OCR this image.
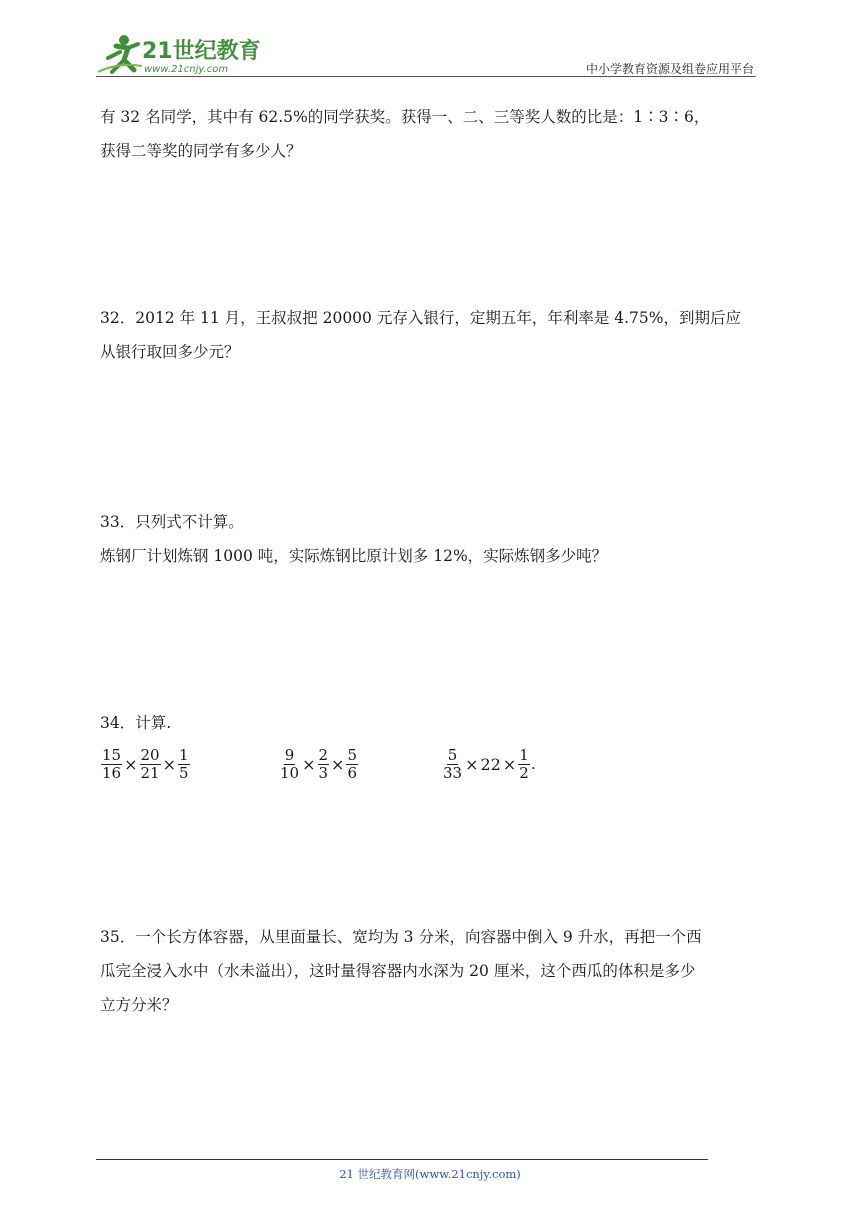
21世纪教育
www.21cnjy.com	中小学教育资源及组卷应用平台

有 32 名同学，其中有 62.5%的同学获奖。获得一、二、三等奖人数的比是：1∶3∶6，

获得二等奖的同学有多少人？

32．2012 年 11 月，王叔叔把 20000 元存入银行，定期五年，年利率是 4.75%，到期后应

从银行取回多少元？

33．只列式不计算。

炼钢厂计划炼钢 1000 吨，实际炼钢比原计划多 12%，实际炼钢多少吨？

34．计算.

$\frac{15}{16} \times \frac{20}{21} \times \frac{1}{5}$	$\frac{9}{10} \times \frac{2}{3} \times \frac{5}{6}$	$\frac{5}{33} \times 22 \times \frac{1}{2}$ .

35．一个长方体容器，从里面量长、宽均为 3 分米，向容器中倒入 9 升水，再把一个西

瓜完全浸入水中（水未溢出），这时量得容器内水深为 20 厘米，这个西瓜的体积是多少

立方分米？

21 世纪教育网(www.21cnjy.com)
